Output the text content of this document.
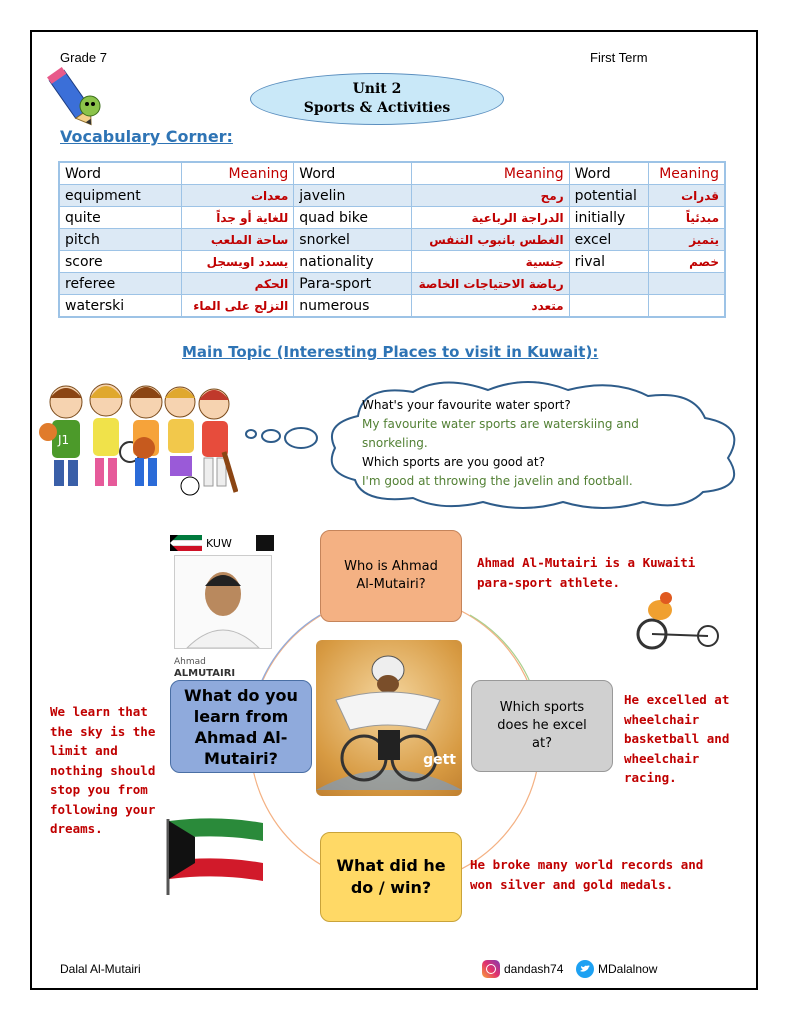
Grade 7	First Term
Unit 2
Sports & Activities
Vocabulary Corner:
Word	Meaning	Word	Meaning	Word	Meaning
equipment	معدات	javelin	رمح	potential	قدرات
quite	للغاية أو جداً	quad bike	الدراجة الرباعية	initially	مبدئياً
pitch	ساحة الملعب	snorkel	الغطس بانبوب التنفس	excel	يتميز
score	يسدد اويسجل	nationality	جنسية	rival	خصم
referee	الحكم	Para-sport	رياضة الاحتياجات الخاصة		
waterski	التزلج على الماء	numerous	متعدد		
Main Topic (Interesting Places to visit in Kuwait):
J1
What's your favourite water sport?
My favourite water sports are waterskiing and snorkeling.
Which sports are you good at?
I'm good at throwing the javelin and football.
KUW
Ahmad
ALMUTAIRI
gett
Who is Ahmad Al-Mutairi?
Ahmad Al-Mutairi is a Kuwaiti para-sport athlete.
Which sports does he excel at?
He excelled at wheelchair basketball and wheelchair racing.
What do you learn from Ahmad Al-Mutairi?
We learn that the sky is the limit and nothing should stop you from following your dreams.
What did he do / win?
He broke many world records and won silver and gold medals.
Dalal Al-Mutairi	dandash74	MDalalnow
